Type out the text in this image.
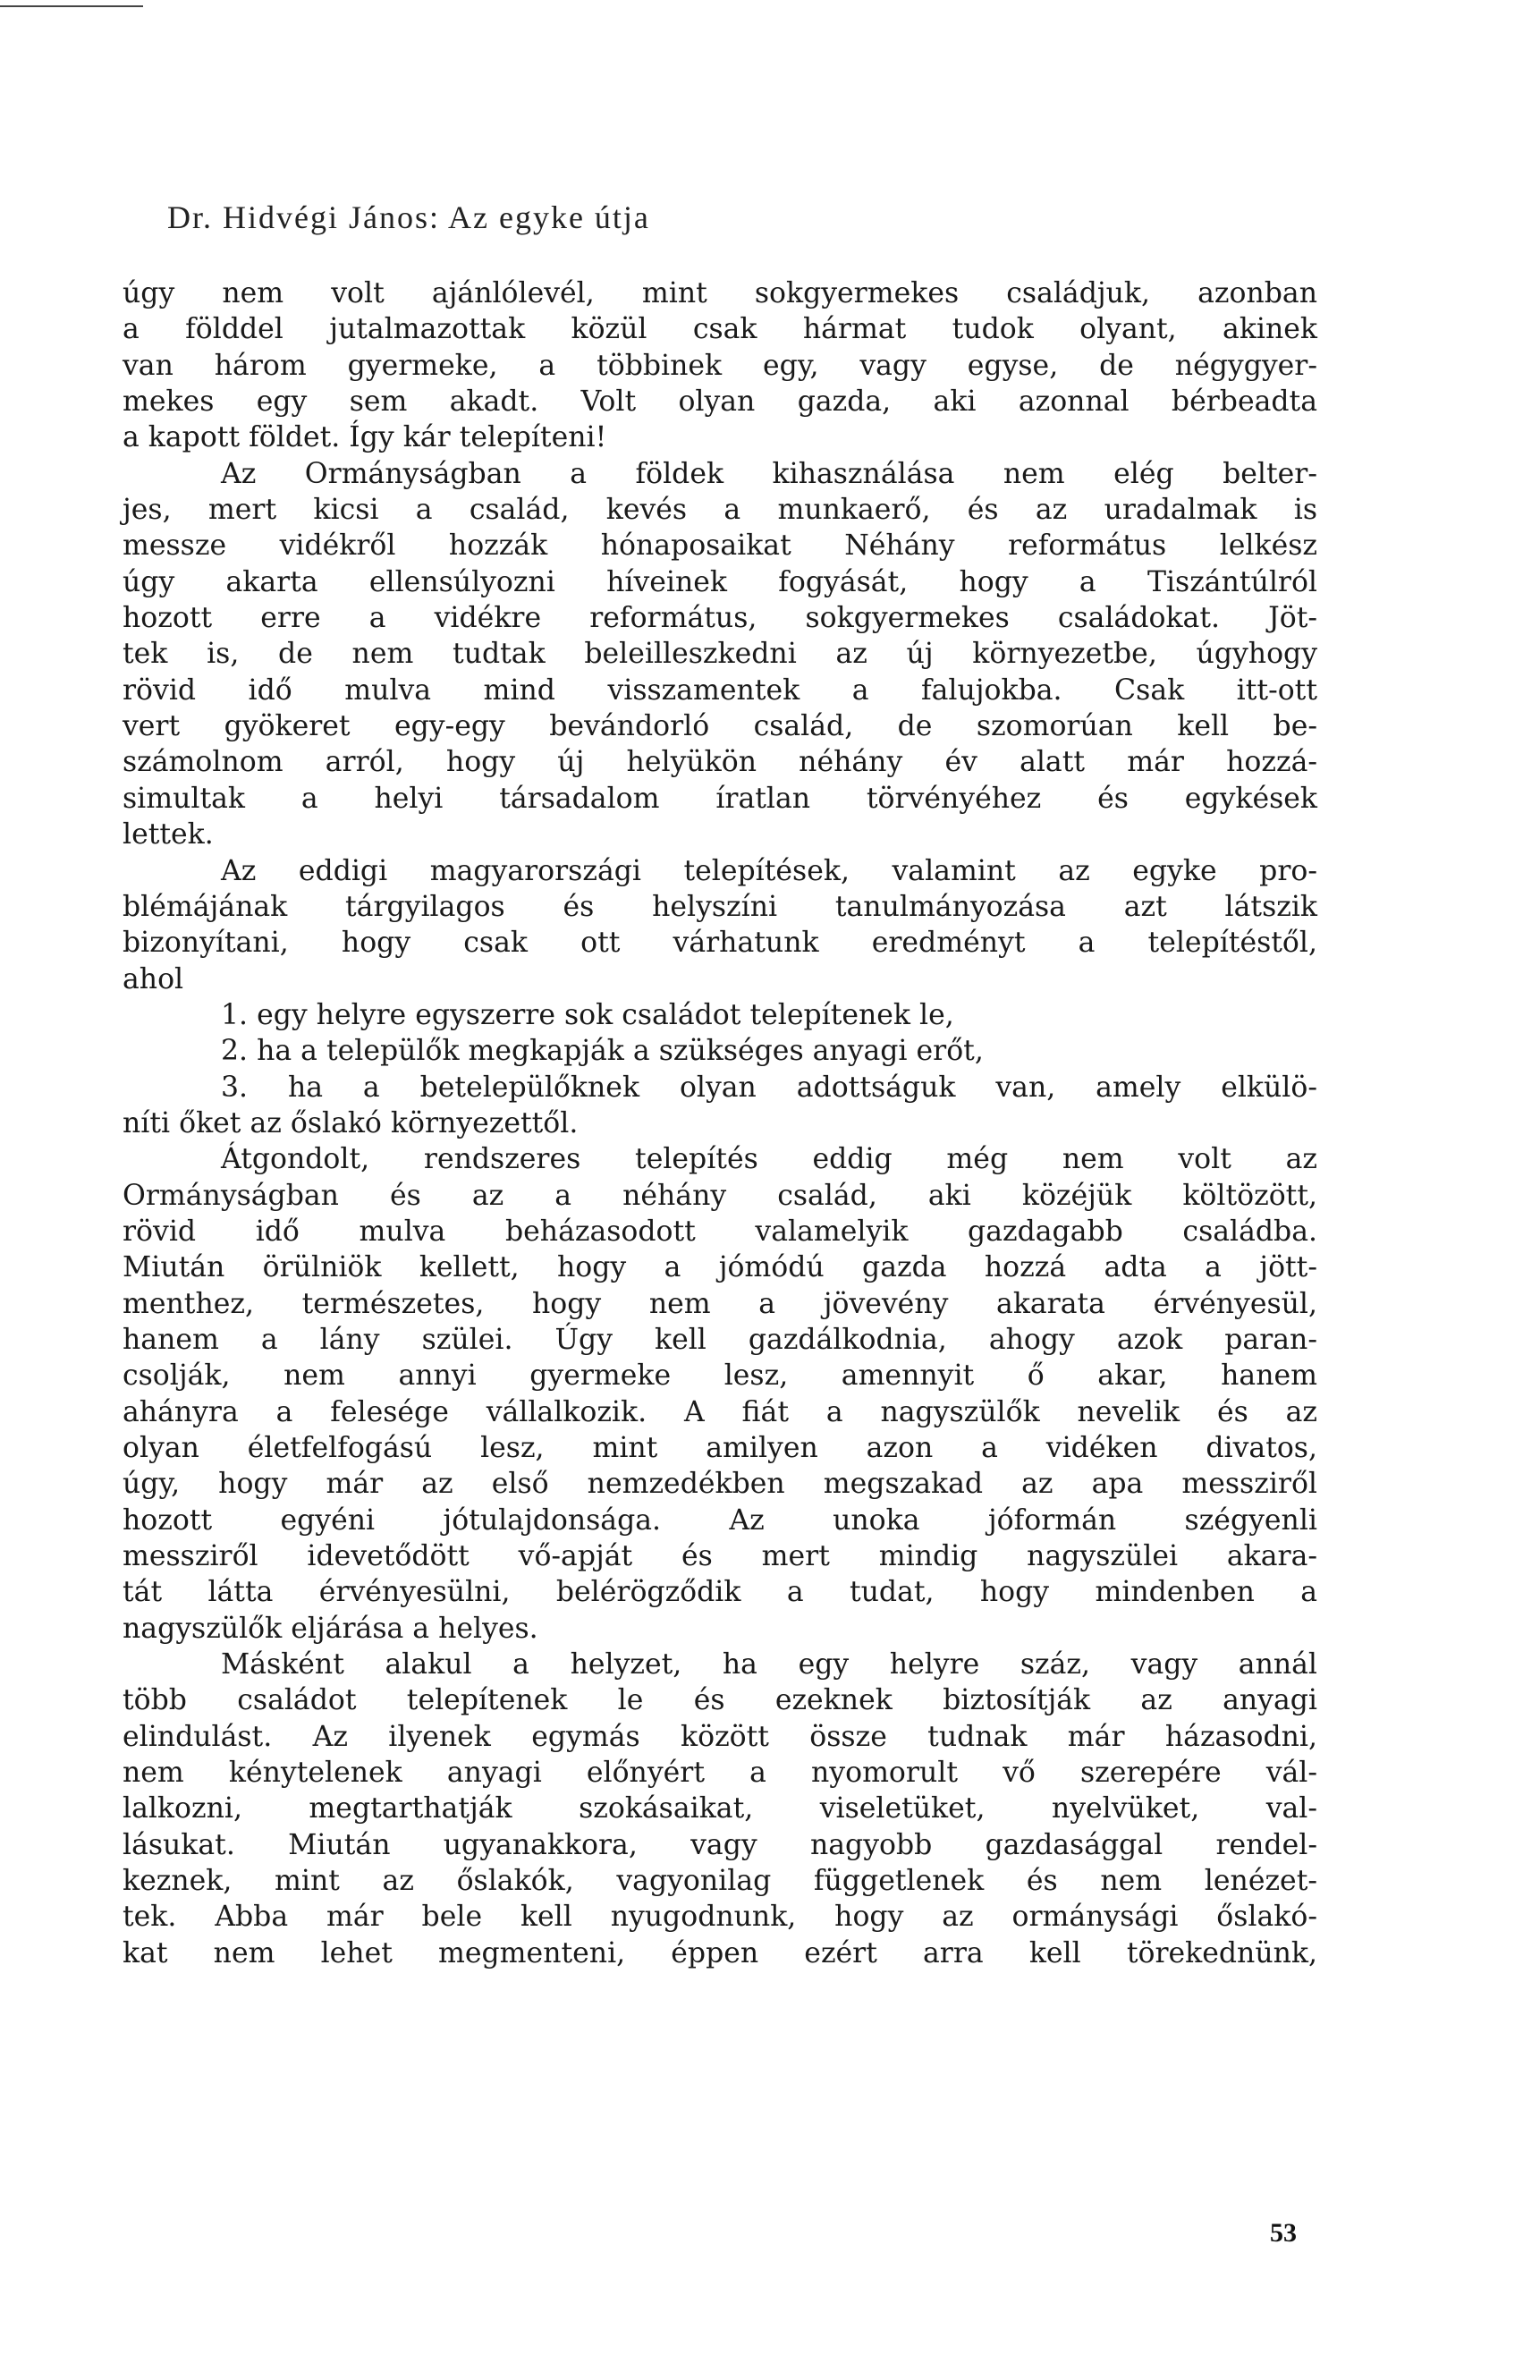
Dr. Hidvégi János: Az egyke útja
úgy nem volt ajánlólevél, mint sokgyermekes családjuk, azonban
a földdel jutalmazottak közül csak hármat tudok olyant, akinek
van három gyermeke, a többinek egy, vagy egyse, de négygyer-
mekes egy sem akadt. Volt olyan gazda, aki azonnal bérbeadta
a kapott földet. Így kár telepíteni!
Az Ormányságban a földek kihasználása nem elég belter-
jes, mert kicsi a család, kevés a munkaerő, és az uradalmak is
messze vidékről hozzák hónaposaikat Néhány református lelkész
úgy akarta ellensúlyozni híveinek fogyását, hogy a Tiszántúlról
hozott erre a vidékre református, sokgyermekes családokat. Jöt-
tek is, de nem tudtak beleilleszkedni az új környezetbe, úgyhogy
rövid idő mulva mind visszamentek a falujokba. Csak itt-ott
vert gyökeret egy-egy bevándorló család, de szomorúan kell be-
számolnom arról, hogy új helyükön néhány év alatt már hozzá-
simultak a helyi társadalom íratlan törvényéhez és egykések
lettek.
Az eddigi magyarországi telepítések, valamint az egyke pro-
blémájának tárgyilagos és helyszíni tanulmányozása azt látszik
bizonyítani, hogy csak ott várhatunk eredményt a telepítéstől,
ahol
1. egy helyre egyszerre sok családot telepítenek le,
2. ha a települők megkapják a szükséges anyagi erőt,
3. ha a betelepülőknek olyan adottságuk van, amely elkülö-
níti őket az őslakó környezettől.
Átgondolt, rendszeres telepítés eddig még nem volt az
Ormányságban és az a néhány család, aki közéjük költözött,
rövid idő mulva beházasodott valamelyik gazdagabb családba.
Miután örülniök kellett, hogy a jómódú gazda hozzá adta a jött-
menthez, természetes, hogy nem a jövevény akarata érvényesül,
hanem a lány szülei. Úgy kell gazdálkodnia, ahogy azok paran-
csolják, nem annyi gyermeke lesz, amennyit ő akar, hanem
ahányra a felesége vállalkozik. A fiát a nagyszülők nevelik és az
olyan életfelfogású lesz, mint amilyen azon a vidéken divatos,
úgy, hogy már az első nemzedékben megszakad az apa messziről
hozott egyéni jótulajdonsága. Az unoka jóformán szégyenli
messziről idevetődött vő-apját és mert mindig nagyszülei akara-
tát látta érvényesülni, belérögződik a tudat, hogy mindenben a
nagyszülők eljárása a helyes.
Másként alakul a helyzet, ha egy helyre száz, vagy annál
több családot telepítenek le és ezeknek biztosítják az anyagi
elindulást. Az ilyenek egymás között össze tudnak már házasodni,
nem kénytelenek anyagi előnyért a nyomorult vő szerepére vál-
lalkozni, megtarthatják szokásaikat, viseletüket, nyelvüket, val-
lásukat. Miután ugyanakkora, vagy nagyobb gazdasággal rendel-
keznek, mint az őslakók, vagyonilag függetlenek és nem lenézet-
tek. Abba már bele kell nyugodnunk, hogy az ormánysági őslakó-
kat nem lehet megmenteni, éppen ezért arra kell törekednünk,
53
